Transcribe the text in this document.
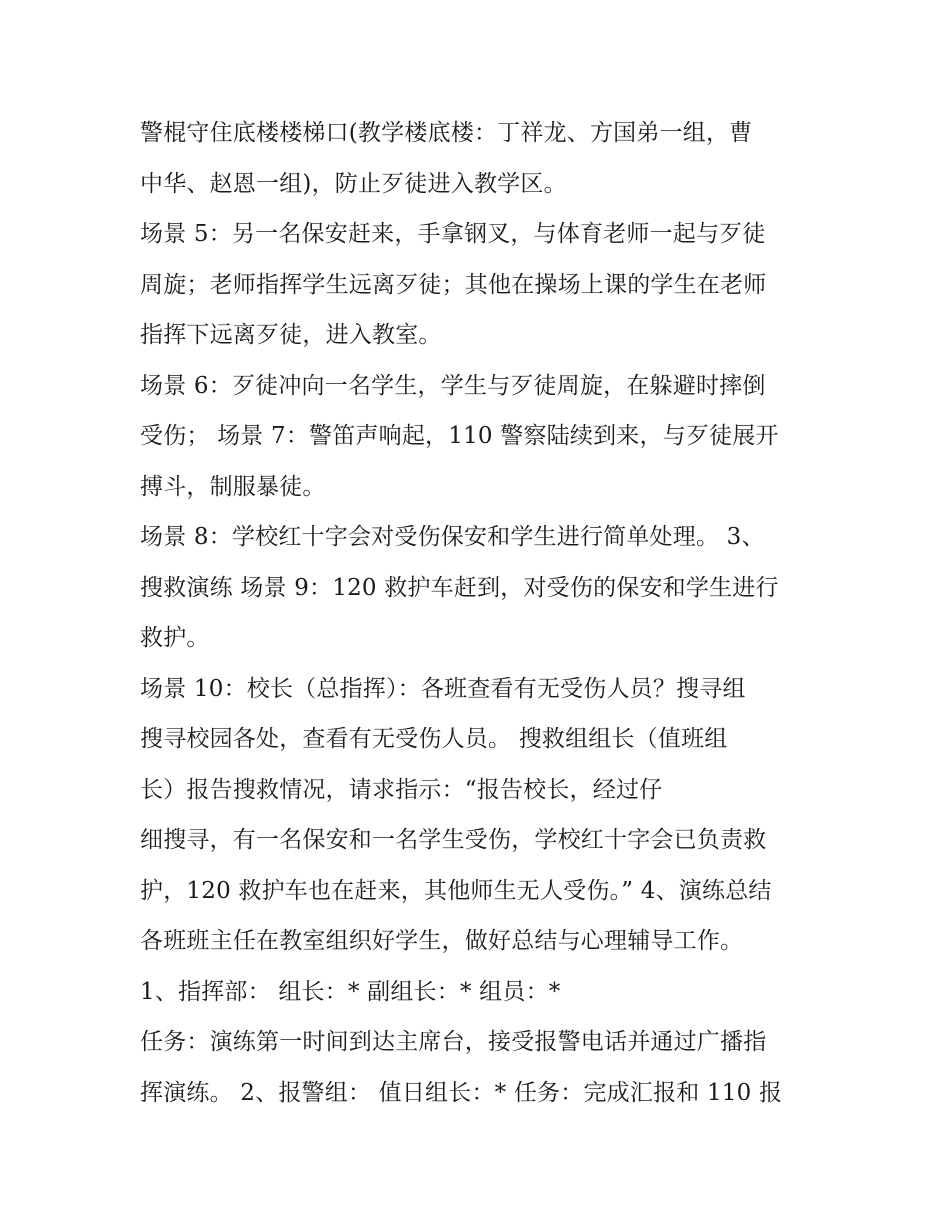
警棍守住底楼楼梯口(教学楼底楼：丁祥龙、方国弟一组，曹
中华、赵恩一组)，防止歹徒进入教学区。
场景 5：另一名保安赶来，手拿钢叉，与体育老师一起与歹徒
周旋；老师指挥学生远离歹徒；其他在操场上课的学生在老师
指挥下远离歹徒，进入教室。
场景 6：歹徒冲向一名学生，学生与歹徒周旋，在躲避时摔倒
受伤； 场景 7：警笛声响起，110 警察陆续到来，与歹徒展开
搏斗，制服暴徒。
场景 8：学校红十字会对受伤保安和学生进行简单处理。 3、
搜救演练 场景 9：120 救护车赶到，对受伤的保安和学生进行
救护。
场景 10：校长（总指挥）：各班查看有无受伤人员？搜寻组
搜寻校园各处，查看有无受伤人员。 搜救组组长（值班组
长）报告搜救情况，请求指示：“报告校长，经过仔
细搜寻，有一名保安和一名学生受伤，学校红十字会已负责救
护，120 救护车也在赶来，其他师生无人受伤。” 4、演练总结
各班班主任在教室组织好学生，做好总结与心理辅导工作。
1、指挥部： 组长：* 副组长：* 组员：*
任务：演练第一时间到达主席台，接受报警电话并通过广播指
挥演练。 2、报警组： 值日组长：* 任务：完成汇报和 110 报
